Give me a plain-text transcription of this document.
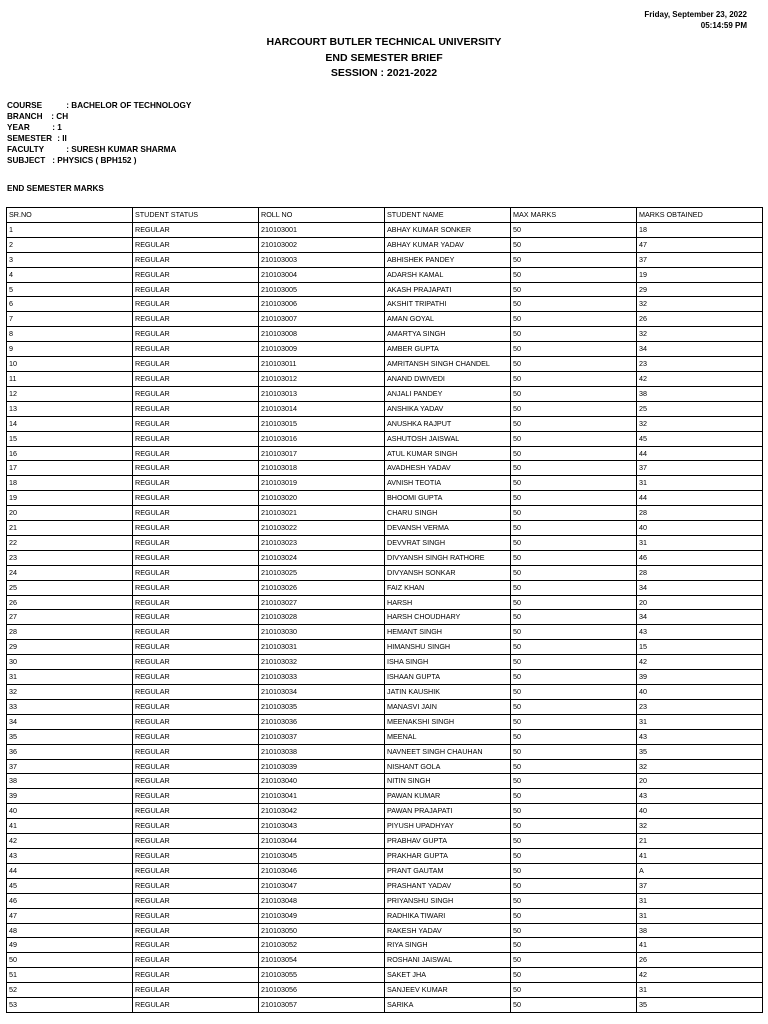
Friday, September 23, 2022
05:14:59 PM
HARCOURT BUTLER TECHNICAL UNIVERSITY
END SEMESTER BRIEF
SESSION : 2021-2022
COURSE	: BACHELOR OF TECHNOLOGY
BRANCH : CH
YEAR	: 1
SEMESTER : II
FACULTY	: SURESH KUMAR SHARMA
SUBJECT : PHYSICS ( BPH152 )
END SEMESTER MARKS
SR.NO	STUDENT STATUS	ROLL NO	STUDENT NAME	MAX MARKS	MARKS OBTAINED
1	REGULAR	210103001	ABHAY KUMAR SONKER	50	18
2	REGULAR	210103002	ABHAY KUMAR YADAV	50	47
3	REGULAR	210103003	ABHISHEK PANDEY	50	37
4	REGULAR	210103004	ADARSH KAMAL	50	19
5	REGULAR	210103005	AKASH PRAJAPATI	50	29
6	REGULAR	210103006	AKSHIT TRIPATHI	50	32
7	REGULAR	210103007	AMAN GOYAL	50	26
8	REGULAR	210103008	AMARTYA SINGH	50	32
9	REGULAR	210103009	AMBER GUPTA	50	34
10	REGULAR	210103011	AMRITANSH SINGH CHANDEL	50	23
11	REGULAR	210103012	ANAND DWIVEDI	50	42
12	REGULAR	210103013	ANJALI PANDEY	50	38
13	REGULAR	210103014	ANSHIKA YADAV	50	25
14	REGULAR	210103015	ANUSHKA RAJPUT	50	32
15	REGULAR	210103016	ASHUTOSH JAISWAL	50	45
16	REGULAR	210103017	ATUL KUMAR SINGH	50	44
17	REGULAR	210103018	AVADHESH YADAV	50	37
18	REGULAR	210103019	AVNISH TEOTIA	50	31
19	REGULAR	210103020	BHOOMI GUPTA	50	44
20	REGULAR	210103021	CHARU SINGH	50	28
21	REGULAR	210103022	DEVANSH VERMA	50	40
22	REGULAR	210103023	DEVVRAT SINGH	50	31
23	REGULAR	210103024	DIVYANSH SINGH RATHORE	50	46
24	REGULAR	210103025	DIVYANSH SONKAR	50	28
25	REGULAR	210103026	FAIZ KHAN	50	34
26	REGULAR	210103027	HARSH	50	20
27	REGULAR	210103028	HARSH CHOUDHARY	50	34
28	REGULAR	210103030	HEMANT SINGH	50	43
29	REGULAR	210103031	HIMANSHU SINGH	50	15
30	REGULAR	210103032	ISHA SINGH	50	42
31	REGULAR	210103033	ISHAAN GUPTA	50	39
32	REGULAR	210103034	JATIN KAUSHIK	50	40
33	REGULAR	210103035	MANASVI JAIN	50	23
34	REGULAR	210103036	MEENAKSHI SINGH	50	31
35	REGULAR	210103037	MEENAL	50	43
36	REGULAR	210103038	NAVNEET SINGH CHAUHAN	50	35
37	REGULAR	210103039	NISHANT GOLA	50	32
38	REGULAR	210103040	NITIN SINGH	50	20
39	REGULAR	210103041	PAWAN KUMAR	50	43
40	REGULAR	210103042	PAWAN PRAJAPATI	50	40
41	REGULAR	210103043	PIYUSH UPADHYAY	50	32
42	REGULAR	210103044	PRABHAV GUPTA	50	21
43	REGULAR	210103045	PRAKHAR GUPTA	50	41
44	REGULAR	210103046	PRANT GAUTAM	50	A
45	REGULAR	210103047	PRASHANT YADAV	50	37
46	REGULAR	210103048	PRIYANSHU SINGH	50	31
47	REGULAR	210103049	RADHIKA TIWARI	50	31
48	REGULAR	210103050	RAKESH YADAV	50	38
49	REGULAR	210103052	RIYA SINGH	50	41
50	REGULAR	210103054	ROSHANI JAISWAL	50	26
51	REGULAR	210103055	SAKET JHA	50	42
52	REGULAR	210103056	SANJEEV KUMAR	50	31
53	REGULAR	210103057	SARIKA	50	35
